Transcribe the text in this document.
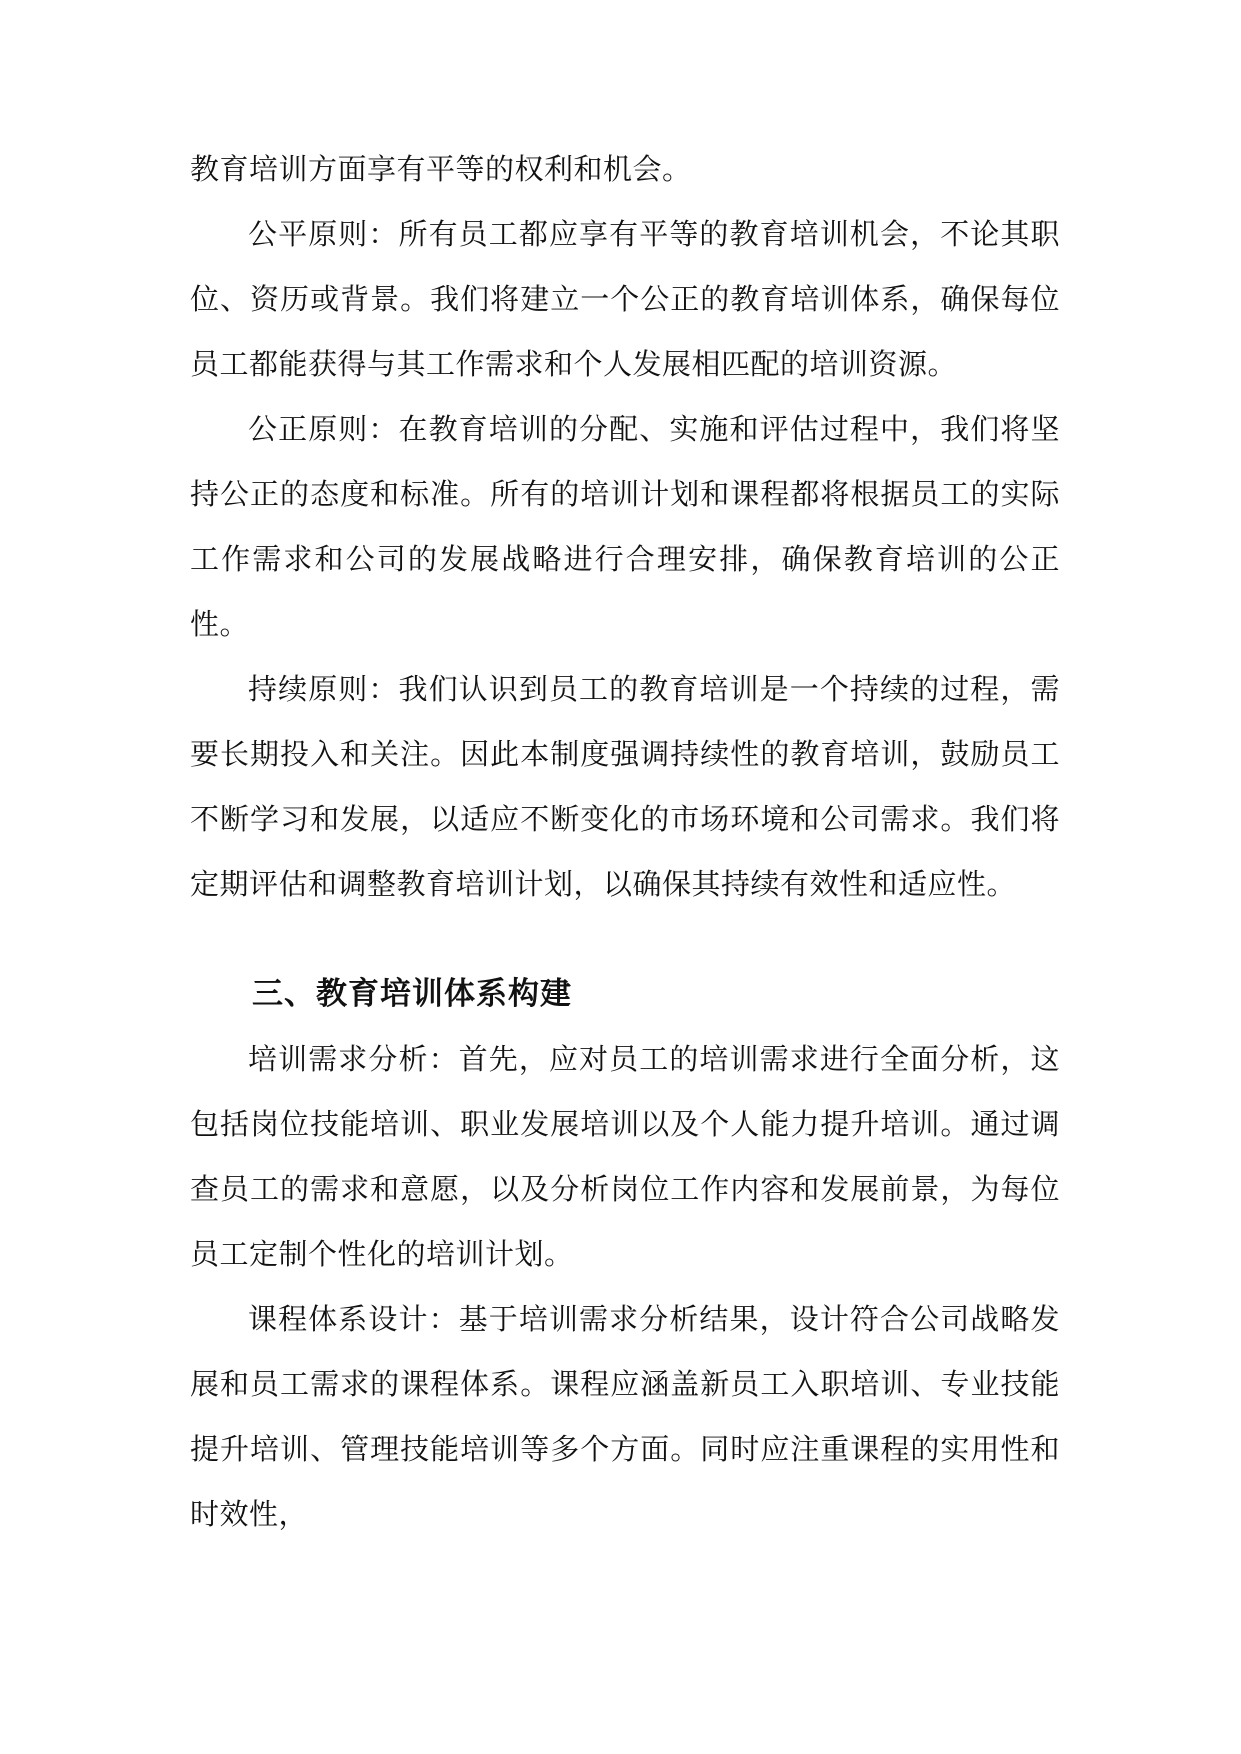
教育培训方面享有平等的权利和机会。

公平原则：所有员工都应享有平等的教育培训机会，不论其职位、资历或背景。我们将建立一个公正的教育培训体系，确保每位员工都能获得与其工作需求和个人发展相匹配的培训资源。

公正原则：在教育培训的分配、实施和评估过程中，我们将坚持公正的态度和标准。所有的培训计划和课程都将根据员工的实际工作需求和公司的发展战略进行合理安排，确保教育培训的公正性。

持续原则：我们认识到员工的教育培训是一个持续的过程，需要长期投入和关注。因此本制度强调持续性的教育培训，鼓励员工不断学习和发展，以适应不断变化的市场环境和公司需求。我们将定期评估和调整教育培训计划，以确保其持续有效性和适应性。

三、教育培训体系构建

培训需求分析：首先，应对员工的培训需求进行全面分析，这包括岗位技能培训、职业发展培训以及个人能力提升培训。通过调查员工的需求和意愿，以及分析岗位工作内容和发展前景，为每位员工定制个性化的培训计划。

课程体系设计：基于培训需求分析结果，设计符合公司战略发展和员工需求的课程体系。课程应涵盖新员工入职培训、专业技能提升培训、管理技能培训等多个方面。同时应注重课程的实用性和时效性，
